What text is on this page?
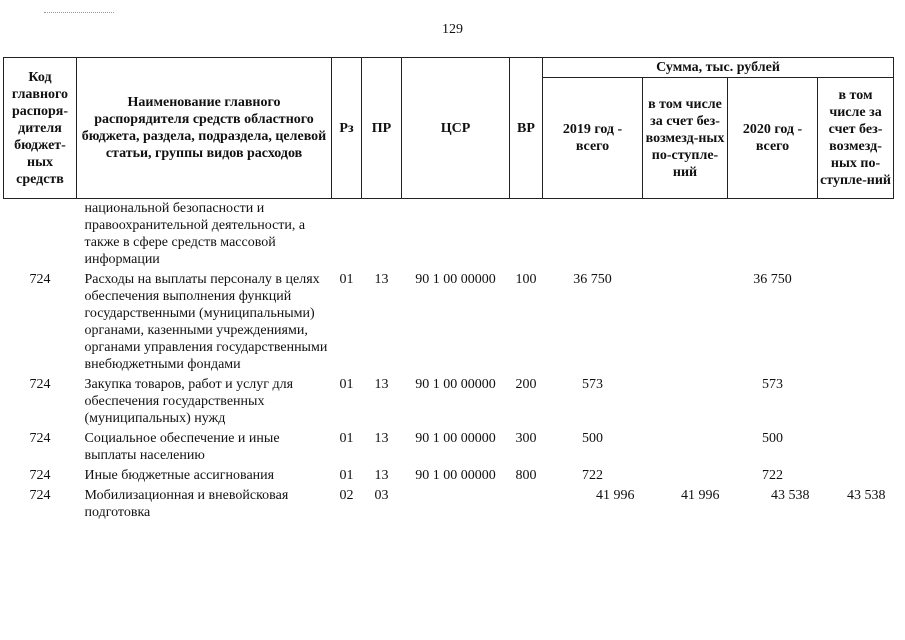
129
Код главного распоря-дителя бюджет-ных средств	Наименование главного распорядителя средств областного бюджета, раздела, подраздела, целевой статьи, группы видов расходов	Рз	ПР	ЦСР	ВР	Сумма, тыс. рублей			
						2019 год - всего	в том числе за счет без-возмезд-ных по-ступле-ний	2020 год - всего	в том числе за счет без-возмезд-ных по-ступле-ний
	национальной безопасности и правоохранительной деятельности, а также в сфере средств массовой информации								
724	Расходы на выплаты персоналу в целях обеспечения выполнения функций государственными (муниципальными) органами, казенными учреждениями, органами управления государственными внебюджетными фондами	01	13	90 1 00 00000	100	36 750		36 750	
724	Закупка товаров, работ и услуг для обеспечения государственных (муниципальных) нужд	01	13	90 1 00 00000	200	573		573	
724	Социальное обеспечение и иные выплаты населению	01	13	90 1 00 00000	300	500		500	
724	Иные бюджетные ассигнования	01	13	90 1 00 00000	800	722		722	
724	Мобилизационная и вневойсковая подготовка	02	03			41 996	41 996	43 538	43 538
